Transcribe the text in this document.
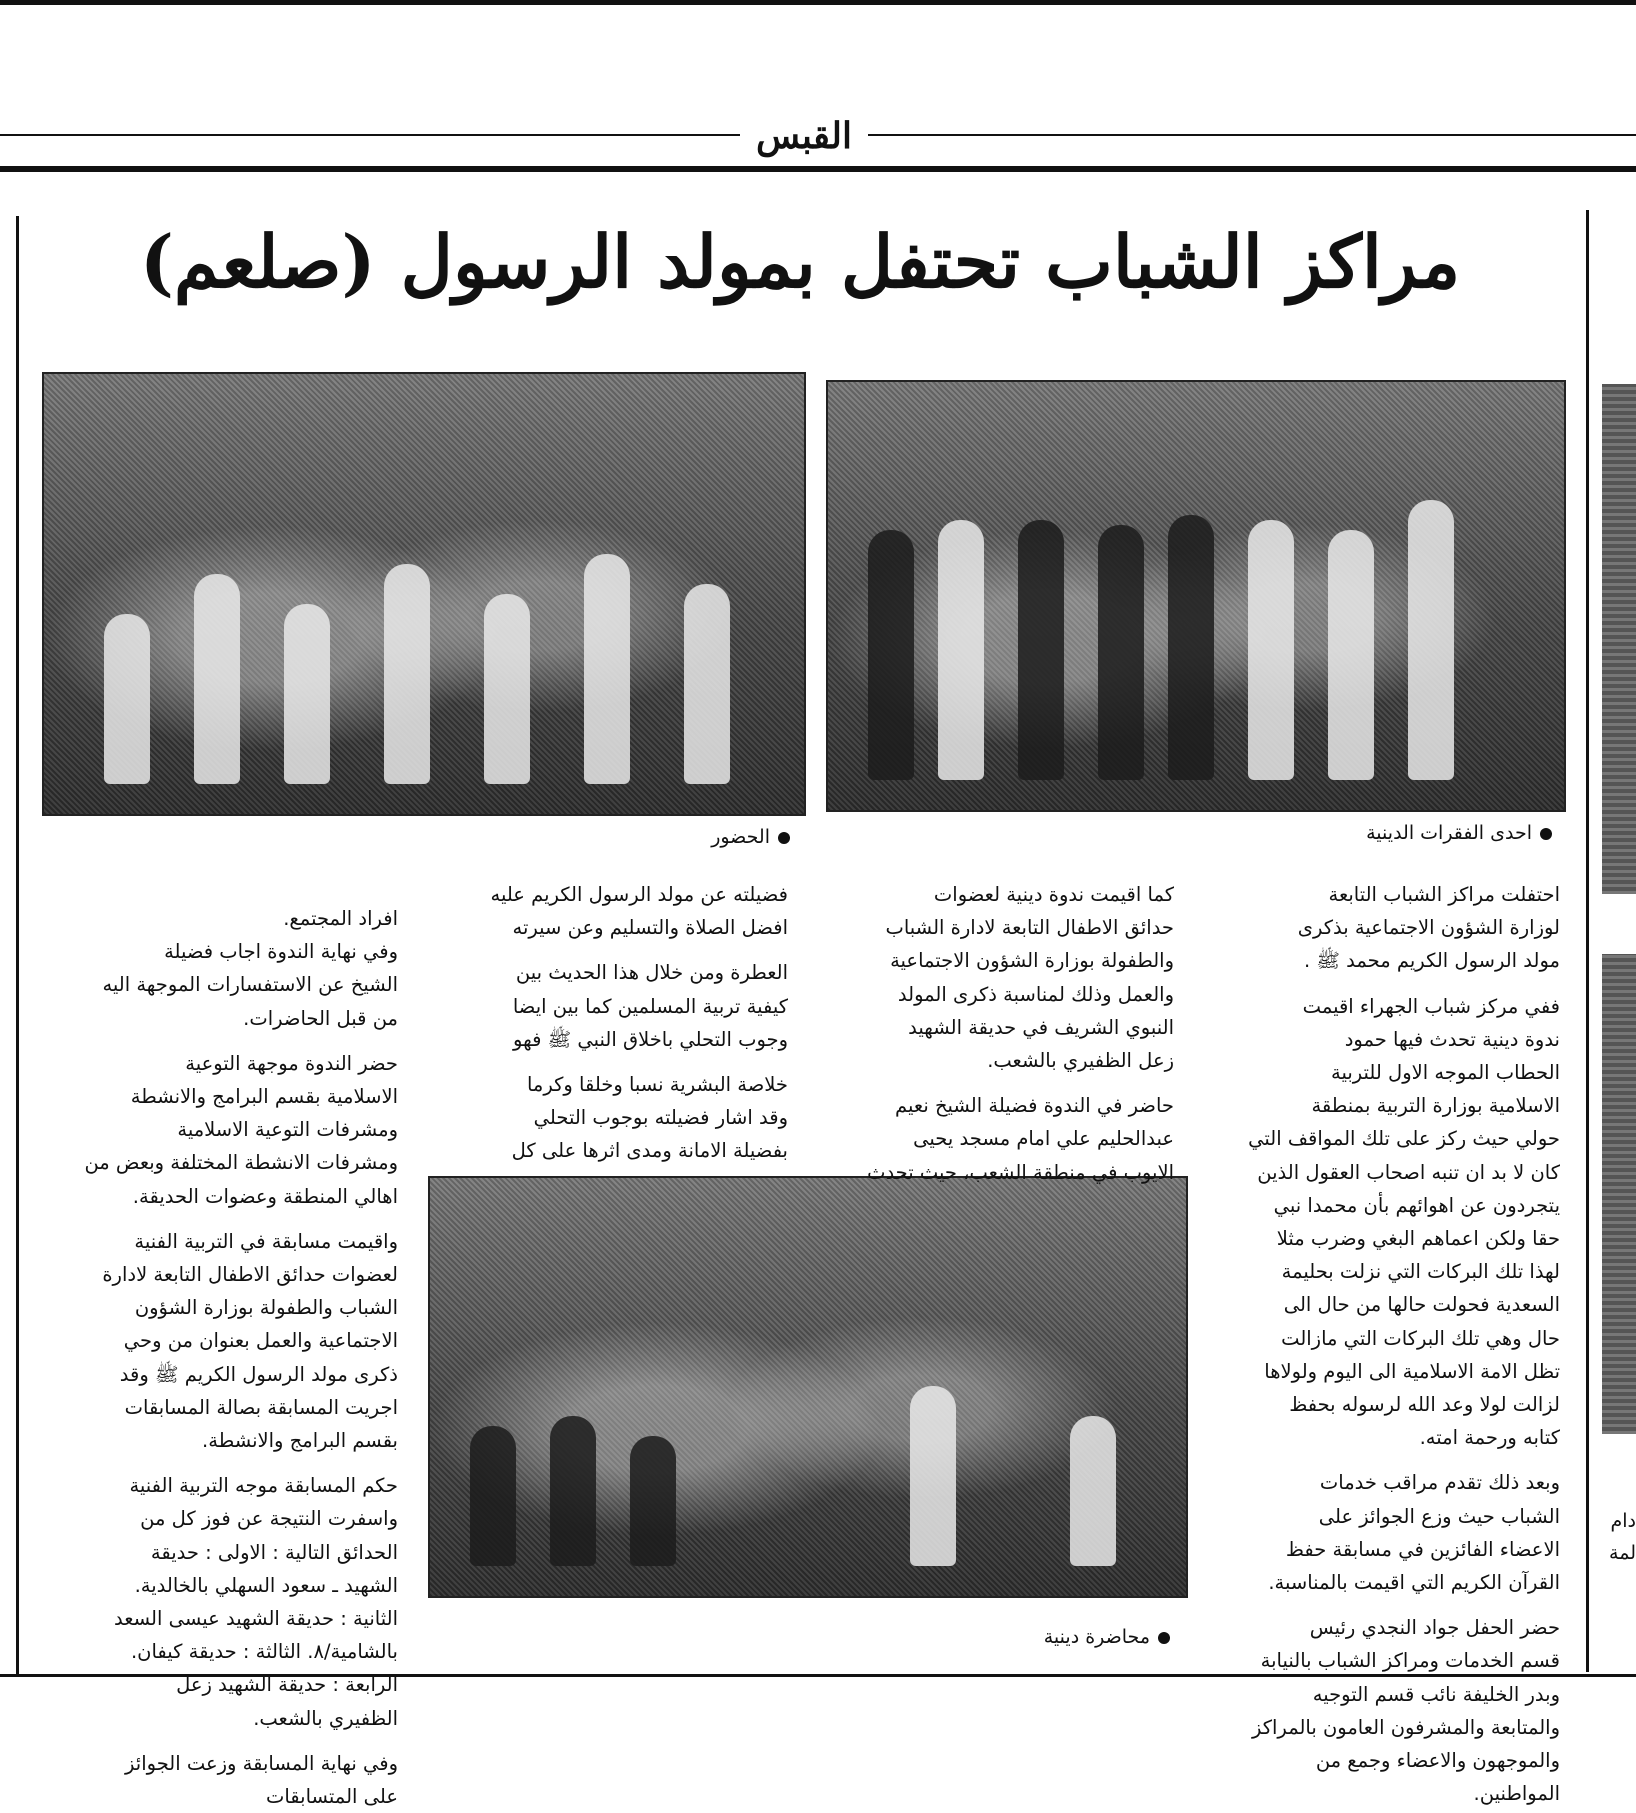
القبس
مراكز الشباب تحتفل بمولد الرسول (صلعم)
الحضور	احدى الفقرات الدينية
محاضرة دينية
احتفلت مراكز الشباب التابعة
لوزارة الشؤون الاجتماعية بذكرى
مولد الرسول الكريم محمد ﷺ .
ففي مركز شباب الجهراء اقيمت
ندوة دينية تحدث فيها حمود
الحطاب الموجه الاول للتربية
الاسلامية بوزارة التربية بمنطقة
حولي حيث ركز على تلك المواقف التي
كان لا بد ان تنبه اصحاب العقول الذين
يتجردون عن اهوائهم بأن محمدا نبي
حقا ولكن اعماهم البغي وضرب مثلا
لهذا تلك البركات التي نزلت بحليمة
السعدية فحولت حالها من حال الى
حال وهي تلك البركات التي مازالت
تظل الامة الاسلامية الى اليوم ولولاها
لزالت لولا وعد الله لرسوله بحفظ
كتابه ورحمة امته.
وبعد ذلك تقدم مراقب خدمات
الشباب حيث وزع الجوائز على
الاعضاء الفائزين في مسابقة حفظ
القرآن الكريم التي اقيمت بالمناسبة.
حضر الحفل جواد النجدي رئيس
قسم الخدمات ومراكز الشباب بالنيابة
وبدر الخليفة نائب قسم التوجيه
والمتابعة والمشرفون العامون بالمراكز
والموجهون والاعضاء وجمع من
المواطنين.
كما اقيمت ندوة دينية لعضوات
حدائق الاطفال التابعة لادارة الشباب
والطفولة بوزارة الشؤون الاجتماعية
والعمل وذلك لمناسبة ذكرى المولد
النبوي الشريف في حديقة الشهيد
زعل الظفيري بالشعب.
حاضر في الندوة فضيلة الشيخ نعيم
عبدالحليم علي امام مسجد يحيى
الايوب في منطقة الشعب، حيث تحدث
فضيلته عن مولد الرسول الكريم عليه
افضل الصلاة والتسليم وعن سيرته
العطرة ومن خلال هذا الحديث بين
كيفية تربية المسلمين كما بين ايضا
وجوب التحلي باخلاق النبي ﷺ فهو
خلاصة البشرية نسبا وخلقا وكرما
وقد اشار فضيلته بوجوب التحلي
بفضيلة الامانة ومدى اثرها على كل
افراد المجتمع.
وفي نهاية الندوة اجاب فضيلة
الشيخ عن الاستفسارات الموجهة اليه
من قبل الحاضرات.
حضر الندوة موجهة التوعية
الاسلامية بقسم البرامج والانشطة
ومشرفات التوعية الاسلامية
ومشرفات الانشطة المختلفة وبعض من
اهالي المنطقة وعضوات الحديقة.
واقيمت مسابقة في التربية الفنية
لعضوات حدائق الاطفال التابعة لادارة
الشباب والطفولة بوزارة الشؤون
الاجتماعية والعمل بعنوان من وحي
ذكرى مولد الرسول الكريم ﷺ وقد
اجريت المسابقة بصالة المسابقات
بقسم البرامج والانشطة.
حكم المسابقة موجه التربية الفنية
واسفرت النتيجة عن فوز كل من
الحدائق التالية : الاولى : حديقة
الشهيد ـ سعود السهلي بالخالدية.
الثانية : حديقة الشهيد عيسى السعد
بالشامية/٨. الثالثة : حديقة كيفان.
الرابعة : حديقة الشهيد زعل
الظفيري بالشعب.
وفي نهاية المسابقة وزعت الجوائز
على المتسابقات
دام
لمة
